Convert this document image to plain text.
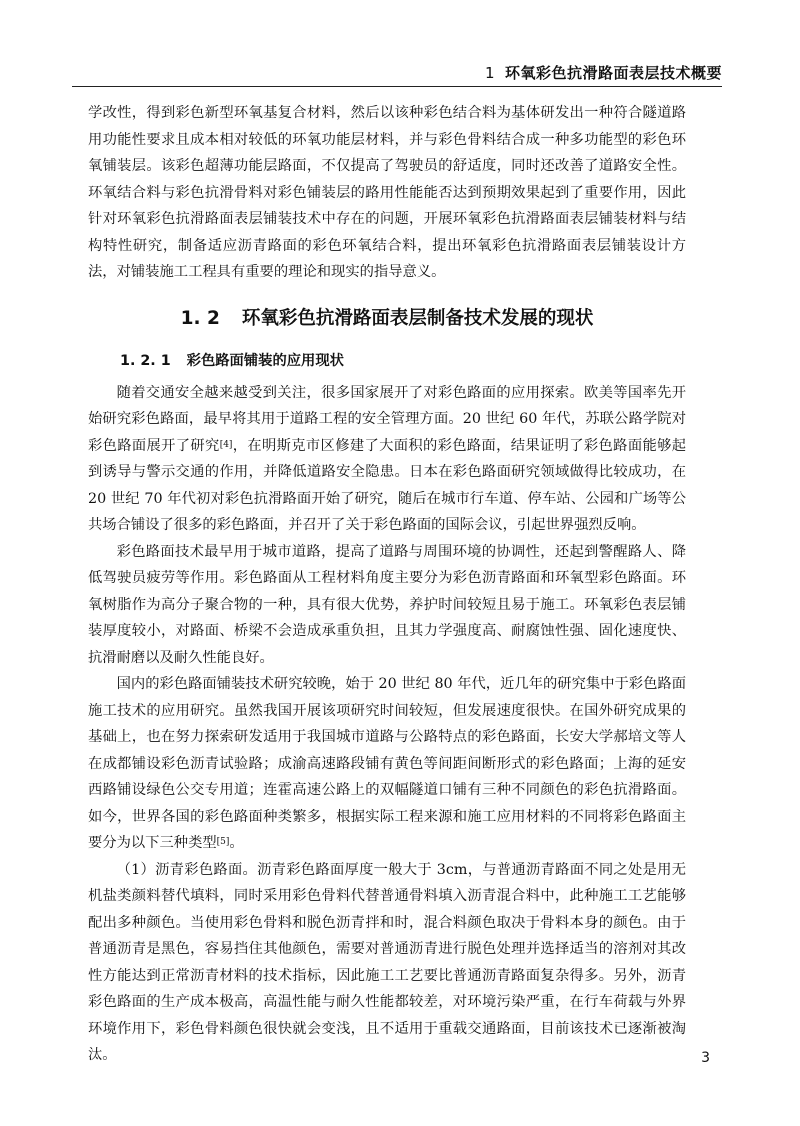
1 环氧彩色抗滑路面表层技术概要

学改性，得到彩色新型环氧基复合材料，然后以该种彩色结合料为基体研发出一种符合隧道路用功能性要求且成本相对较低的环氧功能层材料，并与彩色骨料结合成一种多功能型的彩色环氧铺装层。该彩色超薄功能层路面，不仅提高了驾驶员的舒适度，同时还改善了道路安全性。环氧结合料与彩色抗滑骨料对彩色铺装层的路用性能能否达到预期效果起到了重要作用，因此针对环氧彩色抗滑路面表层铺装技术中存在的问题，开展环氧彩色抗滑路面表层铺装材料与结构特性研究，制备适应沥青路面的彩色环氧结合料，提出环氧彩色抗滑路面表层铺装设计方法，对铺装施工工程具有重要的理论和现实的指导意义。

1. 2 环氧彩色抗滑路面表层制备技术发展的现状
1. 2. 1 彩色路面铺装的应用现状

随着交通安全越来越受到关注，很多国家展开了对彩色路面的应用探索。欧美等国率先开始研究彩色路面，最早将其用于道路工程的安全管理方面。20 世纪 60 年代，苏联公路学院对彩色路面展开了研究[4]，在明斯克市区修建了大面积的彩色路面，结果证明了彩色路面能够起到诱导与警示交通的作用，并降低道路安全隐患。日本在彩色路面研究领域做得比较成功，在 20 世纪 70 年代初对彩色抗滑路面开始了研究，随后在城市行车道、停车站、公园和广场等公共场合铺设了很多的彩色路面，并召开了关于彩色路面的国际会议，引起世界强烈反响。

彩色路面技术最早用于城市道路，提高了道路与周围环境的协调性，还起到警醒路人、降低驾驶员疲劳等作用。彩色路面从工程材料角度主要分为彩色沥青路面和环氧型彩色路面。环氧树脂作为高分子聚合物的一种，具有很大优势，养护时间较短且易于施工。环氧彩色表层铺装厚度较小，对路面、桥梁不会造成承重负担，且其力学强度高、耐腐蚀性强、固化速度快、抗滑耐磨以及耐久性能良好。

国内的彩色路面铺装技术研究较晚，始于 20 世纪 80 年代，近几年的研究集中于彩色路面施工技术的应用研究。虽然我国开展该项研究时间较短，但发展速度很快。在国外研究成果的基础上，也在努力探索研发适用于我国城市道路与公路特点的彩色路面，长安大学郝培文等人在成都铺设彩色沥青试验路；成渝高速路段铺有黄色等间距间断形式的彩色路面；上海的延安西路铺设绿色公交专用道；连霍高速公路上的双幅隧道口铺有三种不同颜色的彩色抗滑路面。如今，世界各国的彩色路面种类繁多，根据实际工程来源和施工应用材料的不同将彩色路面主要分为以下三种类型[5]。

（1）沥青彩色路面。沥青彩色路面厚度一般大于 3cm，与普通沥青路面不同之处是用无机盐类颜料替代填料，同时采用彩色骨料代替普通骨料填入沥青混合料中，此种施工工艺能够配出多种颜色。当使用彩色骨料和脱色沥青拌和时，混合料颜色取决于骨料本身的颜色。由于普通沥青是黑色，容易挡住其他颜色，需要对普通沥青进行脱色处理并选择适当的溶剂对其改性方能达到正常沥青材料的技术指标，因此施工工艺要比普通沥青路面复杂得多。另外，沥青彩色路面的生产成本极高，高温性能与耐久性能都较差，对环境污染严重，在行车荷载与外界环境作用下，彩色骨料颜色很快就会变浅，且不适用于重载交通路面，目前该技术已逐渐被淘汰。	3
